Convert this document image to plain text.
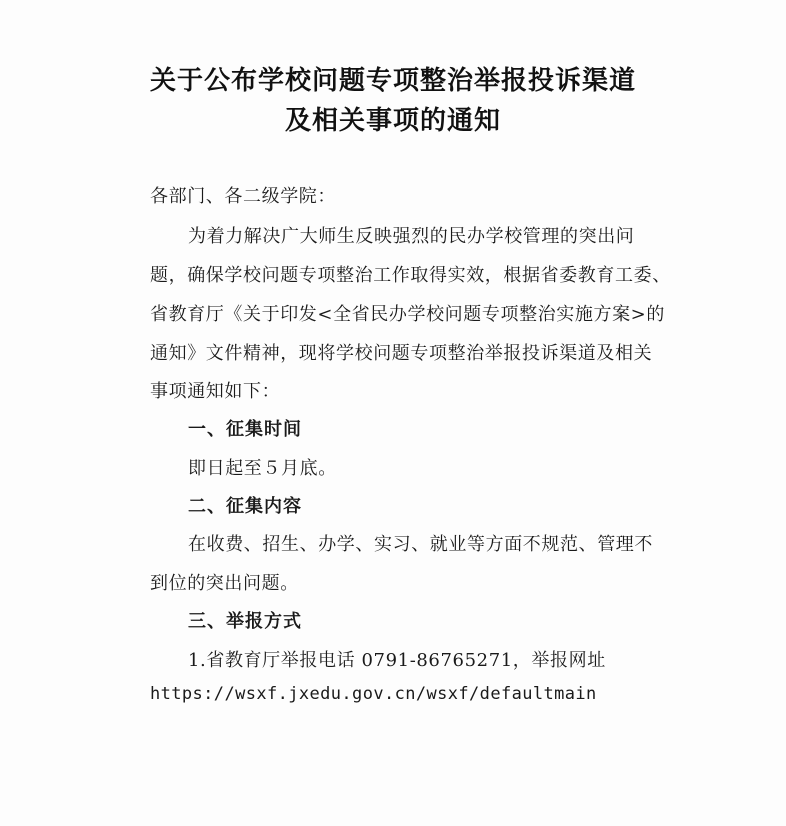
关于公布学校问题专项整治举报投诉渠道
及相关事项的通知
各部门、各二级学院：
为着力解决广大师生反映强烈的民办学校管理的突出问
题，确保学校问题专项整治工作取得实效，根据省委教育工委、
省教育厅《关于印发<全省民办学校问题专项整治实施方案>的
通知》文件精神，现将学校问题专项整治举报投诉渠道及相关
事项通知如下：
一、征集时间
即日起至５月底。
二、征集内容
在收费、招生、办学、实习、就业等方面不规范、管理不
到位的突出问题。
三、举报方式
1.省教育厅举报电话 0791-86765271，举报网址
https://wsxf.jxedu.gov.cn/wsxf/defaultmain
